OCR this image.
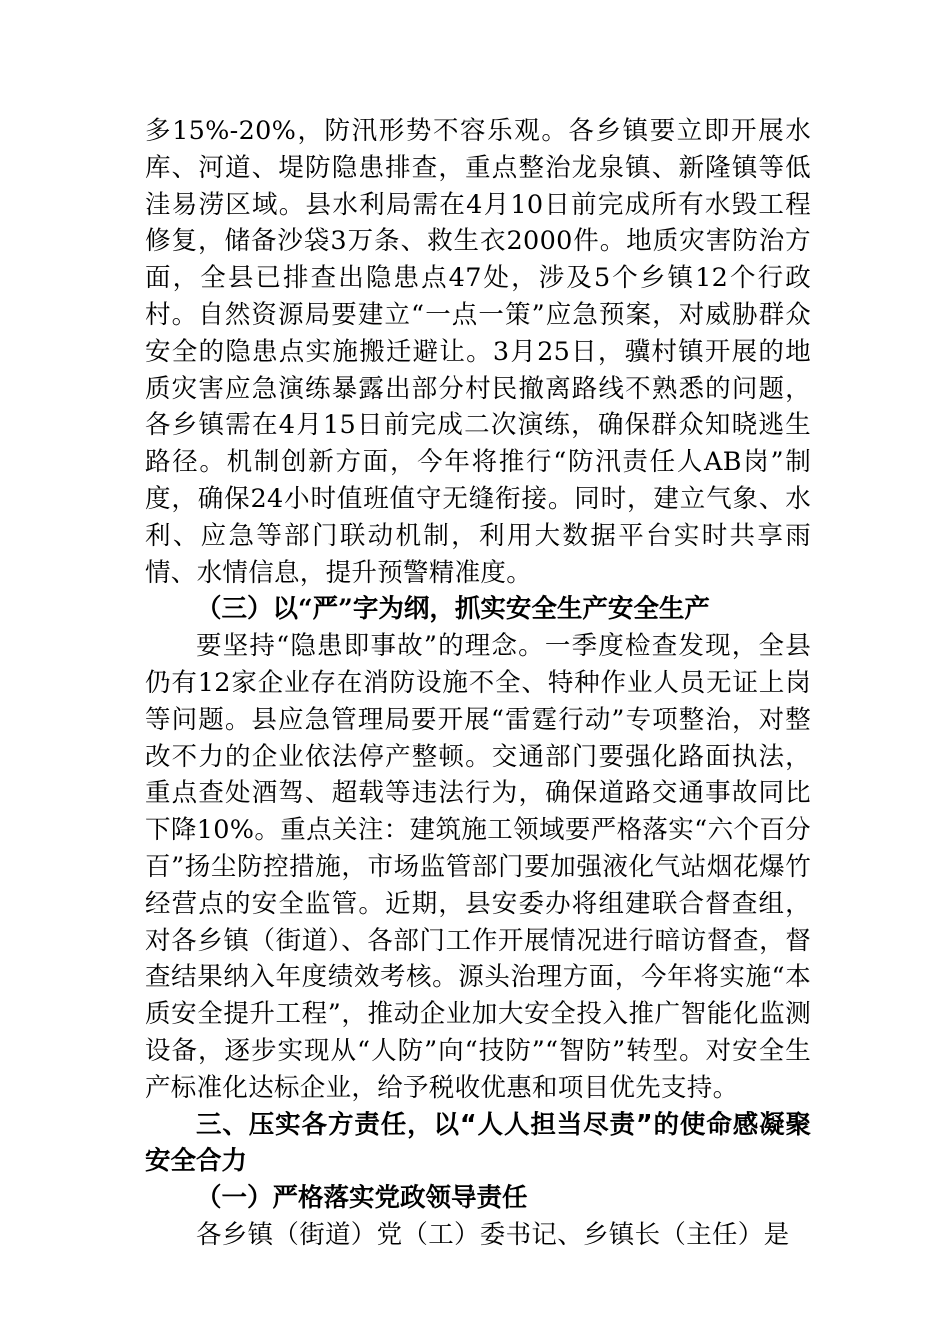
多15%-20%，防汛形势不容乐观。各乡镇要立即开展水库、河道、堤防隐患排查，重点整治龙泉镇、新隆镇等低洼易涝区域。县水利局需在4月10日前完成所有水毁工程修复，储备沙袋3万条、救生衣2000件。地质灾害防治方面，全县已排查出隐患点47处，涉及5个乡镇12个行政村。自然资源局要建立“一点一策”应急预案，对威胁群众安全的隐患点实施搬迁避让。3月25日，骥村镇开展的地质灾害应急演练暴露出部分村民撤离路线不熟悉的问题，各乡镇需在4月15日前完成二次演练，确保群众知晓逃生路径。机制创新方面，今年将推行“防汛责任人AB岗”制度，确保24小时值班值守无缝衔接。同时，建立气象、水利、应急等部门联动机制，利用大数据平台实时共享雨情、水情信息，提升预警精准度。

（三）以“严”字为纲，抓实安全生产安全生产

要坚持“隐患即事故”的理念。一季度检查发现，全县仍有12家企业存在消防设施不全、特种作业人员无证上岗等问题。县应急管理局要开展“雷霆行动”专项整治，对整改不力的企业依法停产整顿。交通部门要强化路面执法，重点查处酒驾、超载等违法行为，确保道路交通事故同比下降10%。重点关注：建筑施工领域要严格落实“六个百分百”扬尘防控措施，市场监管部门要加强液化气站烟花爆竹经营点的安全监管。近期，县安委办将组建联合督查组，对各乡镇（街道）、各部门工作开展情况进行暗访督查，督查结果纳入年度绩效考核。源头治理方面，今年将实施“本质安全提升工程”，推动企业加大安全投入推广智能化监测设备，逐步实现从“人防”向“技防”“智防”转型。对安全生产标准化达标企业，给予税收优惠和项目优先支持。

三、压实各方责任，以“人人担当尽责”的使命感凝聚安全合力

（一）严格落实党政领导责任

各乡镇（街道）党（工）委书记、乡镇长（主任）是
